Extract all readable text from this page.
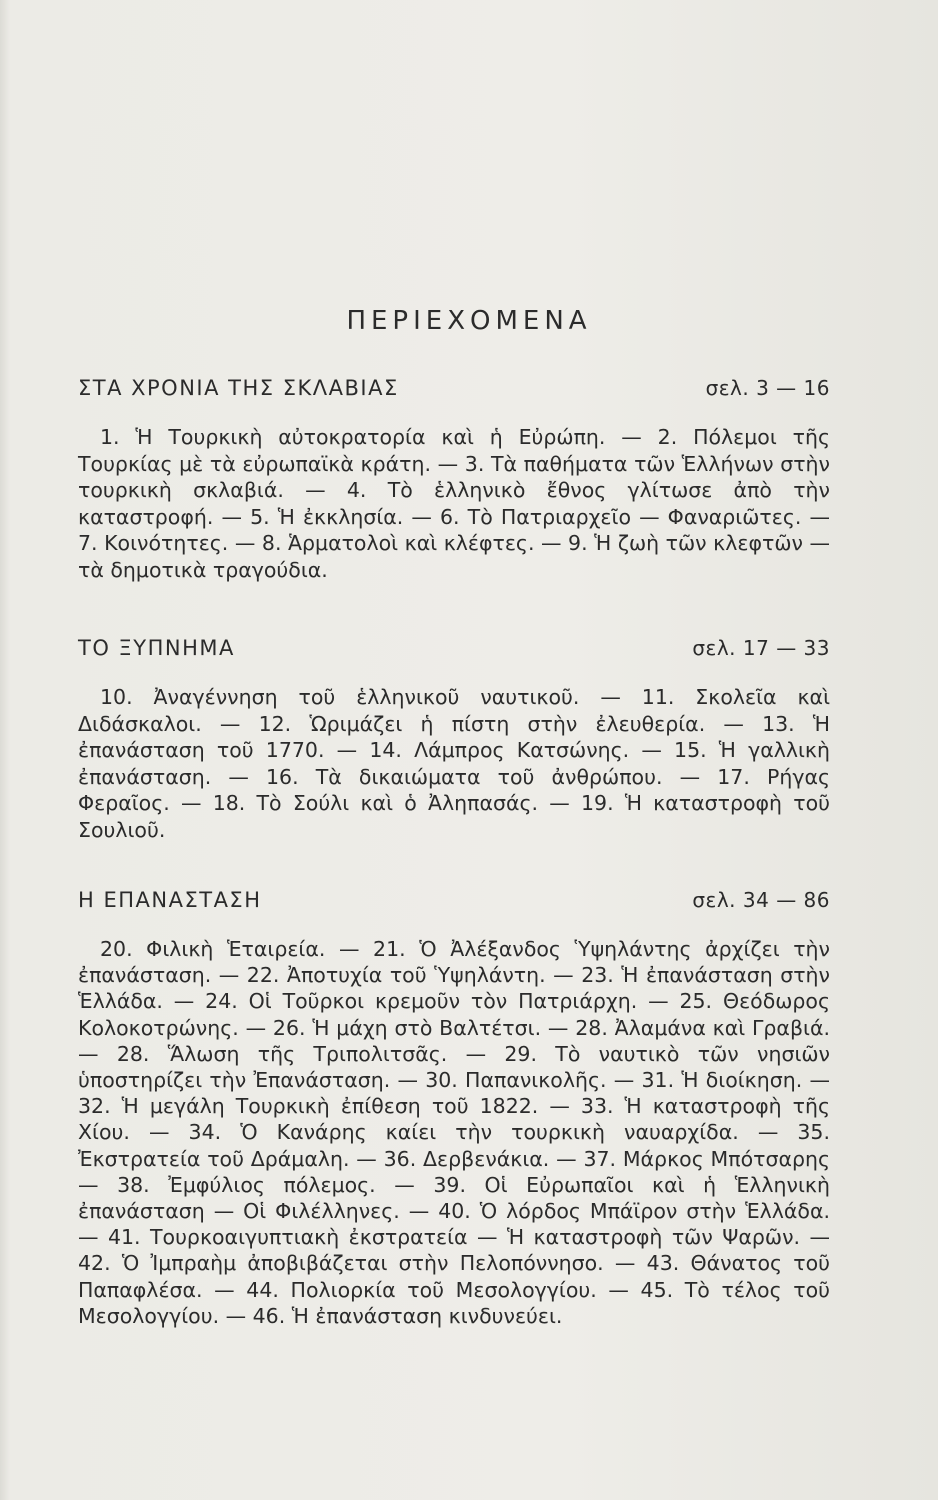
ΠΕΡΙΕΧΟΜΕΝΑ
ΣΤΑ ΧΡΟΝΙΑ ΤΗΣ ΣΚΛΑΒΙΑΣ	σελ. 3 — 16
1. Ἡ Τουρκικὴ αὐτοκρατορία καὶ ἡ Εὐρώπη. — 2. Πόλεμοι τῆς Τουρκίας μὲ τὰ εὐρωπαϊκὰ κράτη. — 3. Τὰ παθήματα τῶν Ἑλλήνων στὴν τουρκικὴ σκλαβιά. — 4. Τὸ ἑλληνικὸ ἔθνος γλίτωσε ἀπὸ τὴν καταστροφή. — 5. Ἡ ἐκκλησία. — 6. Τὸ Πατριαρχεῖο — Φαναριῶτες. — 7. Κοινότητες. — 8. Ἁρματολοὶ καὶ κλέφτες. — 9. Ἡ ζωὴ τῶν κλεφτῶν — τὰ δημοτικὰ τραγούδια.
ΤΟ ΞΥΠΝΗΜΑ	σελ. 17 — 33
10. Ἀναγέννηση τοῦ ἑλληνικοῦ ναυτικοῦ. — 11. Σκολεῖα καὶ Διδάσκαλοι. — 12. Ὡριμάζει ἡ πίστη στὴν ἐλευθερία. — 13. Ἡ ἐπανάσταση τοῦ 1770. — 14. Λάμπρος Κατσώνης. — 15. Ἡ γαλλικὴ ἐπανάσταση. — 16. Τὰ δικαιώματα τοῦ ἀνθρώπου. — 17. Ρήγας Φεραῖος. — 18. Τὸ Σούλι καὶ ὁ Ἀληπασάς. — 19. Ἡ καταστροφὴ τοῦ Σουλιοῦ.
Η ΕΠΑΝΑΣΤΑΣΗ	σελ. 34 — 86
20. Φιλικὴ Ἑταιρεία. — 21. Ὁ Ἀλέξανδος Ὑψηλάντης ἀρχίζει τὴν ἐπανάσταση. — 22. Ἀποτυχία τοῦ Ὑψηλάντη. — 23. Ἡ ἐπανάσταση στὴν Ἑλλάδα. — 24. Οἱ Τοῦρκοι κρεμοῦν τὸν Πατριάρχη. — 25. Θεόδωρος Κολοκοτρώνης. — 26. Ἡ μάχη στὸ Βαλτέτσι. — 28. Ἀλαμάνα καὶ Γραβιά. — 28. Ἅλωση τῆς Τριπολιτσᾶς. — 29. Τὸ ναυτικὸ τῶν νησιῶν ὑποστηρίζει τὴν Ἐπανάσταση. — 30. Παπανικολῆς. — 31. Ἡ διοίκηση. — 32. Ἡ μεγάλη Τουρκικὴ ἐπίθεση τοῦ 1822. — 33. Ἡ καταστροφὴ τῆς Χίου. — 34. Ὁ Κανάρης καίει τὴν τουρκικὴ ναυαρχίδα. — 35. Ἐκστρατεία τοῦ Δράμαλη. — 36. Δερβενάκια. — 37. Μάρκος Μπότσαρης — 38. Ἐμφύλιος πόλεμος. — 39. Οἱ Εὐρωπαῖοι καὶ ἡ Ἑλληνικὴ ἐπανάσταση — Οἱ Φιλέλληνες. — 40. Ὁ λόρδος Μπάϊρον στὴν Ἑλλάδα. — 41. Τουρκοαιγυπτιακὴ ἐκστρατεία — Ἡ καταστροφὴ τῶν Ψαρῶν. — 42. Ὁ Ἰμπραὴμ ἀποβιβάζεται στὴν Πελοπόννησο. — 43. Θάνατος τοῦ Παπαφλέσα. — 44. Πολιορκία τοῦ Μεσολογγίου. — 45. Τὸ τέλος τοῦ Μεσολογγίου. — 46. Ἡ ἐπανάσταση κινδυνεύει.
